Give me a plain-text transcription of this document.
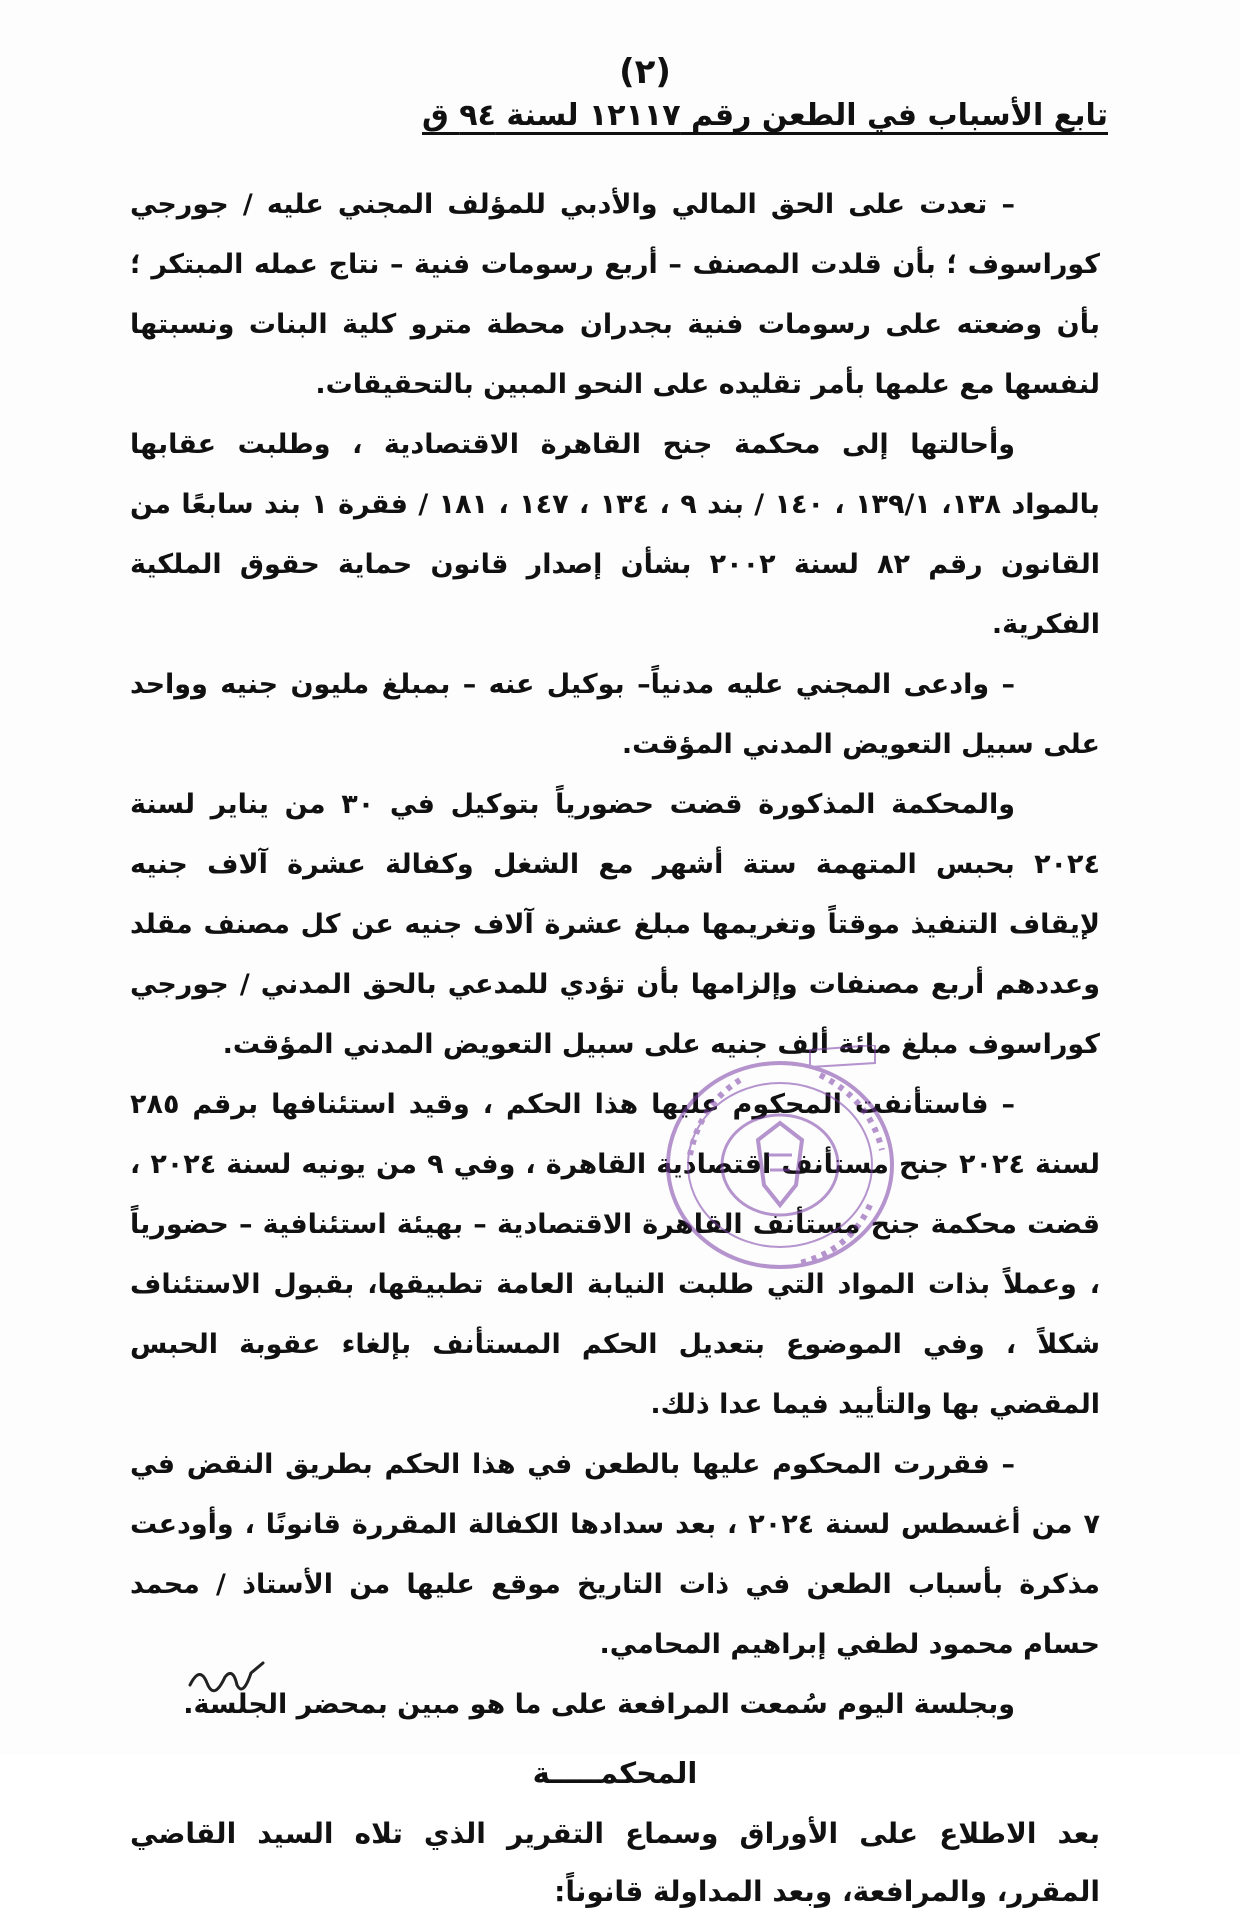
(٢)
تابع الأسباب في الطعن رقم ١٢١١٧ لسنة ٩٤ ق

– تعدت على الحق المالي والأدبي للمؤلف المجني عليه / جورجي كوراسوف ؛ بأن قلدت المصنف – أربع رسومات فنية – نتاج عمله المبتكر ؛ بأن وضعته على رسومات فنية بجدران محطة مترو كلية البنات ونسبتها لنفسها مع علمها بأمر تقليده على النحو المبين بالتحقيقات.

وأحالتها إلى محكمة جنح القاهرة الاقتصادية ، وطلبت عقابها بالمواد ١٣٨، ١٣٩/١ ، ١٤٠ / بند ٩ ، ١٣٤ ، ١٤٧ ، ١٨١ / فقرة ١ بند سابعًا من القانون رقم ٨٢ لسنة ٢٠٠٢ بشأن إصدار قانون حماية حقوق الملكية الفكرية.

– وادعى المجني عليه مدنياً– بوكيل عنه – بمبلغ مليون جنيه وواحد على سبيل التعويض المدني المؤقت.

والمحكمة المذكورة قضت حضورياً بتوكيل في ٣٠ من يناير لسنة ٢٠٢٤ بحبس المتهمة ستة أشهر مع الشغل وكفالة عشرة آلاف جنيه لإيقاف التنفيذ موقتاً وتغريمها مبلغ عشرة آلاف جنيه عن كل مصنف مقلد وعددهم أربع مصنفات وإلزامها بأن تؤدي للمدعي بالحق المدني / جورجي كوراسوف مبلغ مائة ألف جنيه على سبيل التعويض المدني المؤقت.

– فاستأنفت المحكوم عليها هذا الحكم ، وقيد استئنافها برقم ٢٨٥ لسنة ٢٠٢٤ جنح مستأنف اقتصادية القاهرة ، وفي ٩ من يونيه لسنة ٢٠٢٤ ، قضت محكمة جنح مستأنف القاهرة الاقتصادية – بهيئة استئنافية – حضورياً ، وعملاً بذات المواد التي طلبت النيابة العامة تطبيقها، بقبول الاستئناف شكلاً ، وفي الموضوع بتعديل الحكم المستأنف بإلغاء عقوبة الحبس المقضي بها والتأييد فيما عدا ذلك.

– فقررت المحكوم عليها بالطعن في هذا الحكم بطريق النقض في ٧ من أغسطس لسنة ٢٠٢٤ ، بعد سدادها الكفالة المقررة قانونًا ، وأودعت مذكرة بأسباب الطعن في ذات التاريخ موقع عليها من الأستاذ / محمد حسام محمود لطفي إبراهيم المحامي.

وبجلسة اليوم سُمعت المرافعة على ما هو مبين بمحضر الجلسة.

المحكمـــــة

بعد الاطلاع على الأوراق وسماع التقرير الذي تلاه السيد القاضي المقرر، والمرافعة، وبعد المداولة قانوناً:
